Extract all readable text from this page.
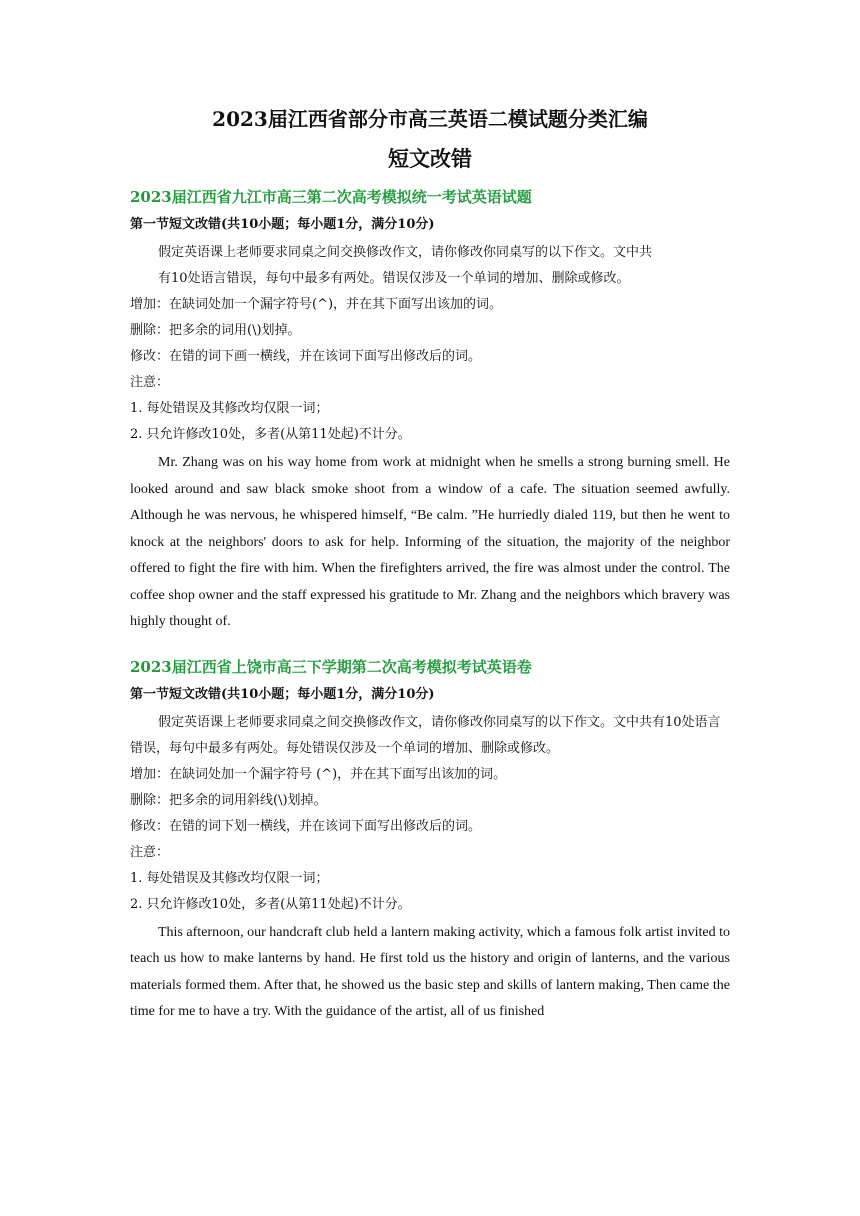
2023届江西省部分市高三英语二模试题分类汇编
短文改错
2023届江西省九江市高三第二次高考模拟统一考试英语试题
第一节短文改错(共10小题；每小题1分，满分10分)
假定英语课上老师要求同桌之间交换修改作文，请你修改你同桌写的以下作文。文中共
有10处语言错误，每句中最多有两处。错误仅涉及一个单词的增加、删除或修改。

增加：在缺词处加一个漏字符号(^)，并在其下面写出该加的词。

删除：把多余的词用(\)划掉。

修改：在错的词下画一横线，并在该词下面写出修改后的词。

注意：

1. 每处错误及其修改均仅限一词；

2. 只允许修改10处，多者(从第11处起)不计分。

Mr. Zhang was on his way home from work at midnight when he smells a strong burning smell. He looked around and saw black smoke shoot from a window of a cafe. The situation seemed awfully. Although he was nervous, he whispered himself, “Be calm. ”He hurriedly dialed 119, but then he went to knock at the neighbors' doors to ask for help. Informing of the situation, the majority of the neighbor offered to fight the fire with him. When the firefighters arrived, the fire was almost under the control. The coffee shop owner and the staff expressed his gratitude to Mr. Zhang and the neighbors which bravery was highly thought of.

2023届江西省上饶市高三下学期第二次高考模拟考试英语卷
第一节短文改错(共10小题；每小题1分，满分10分)

假定英语课上老师要求同桌之间交换修改作文，请你修改你同桌写的以下作文。文中共有10处语言错误，每句中最多有两处。每处错误仅涉及一个单词的增加、删除或修改。

增加：在缺词处加一个漏字符号 (^)，并在其下面写出该加的词。

删除：把多余的词用斜线(\)划掉。

修改：在错的词下划一横线，并在该词下面写出修改后的词。

注意：

1. 每处错误及其修改均仅限一词；

2. 只允许修改10处，多者(从第11处起)不计分。

This afternoon, our handcraft club held a lantern making activity, which a famous folk artist invited to teach us how to make lanterns by hand. He first told us the history and origin of lanterns, and the various materials formed them. After that, he showed us the basic step and skills of lantern making, Then came the time for me to have a try. With the guidance of the artist, all of us finished
